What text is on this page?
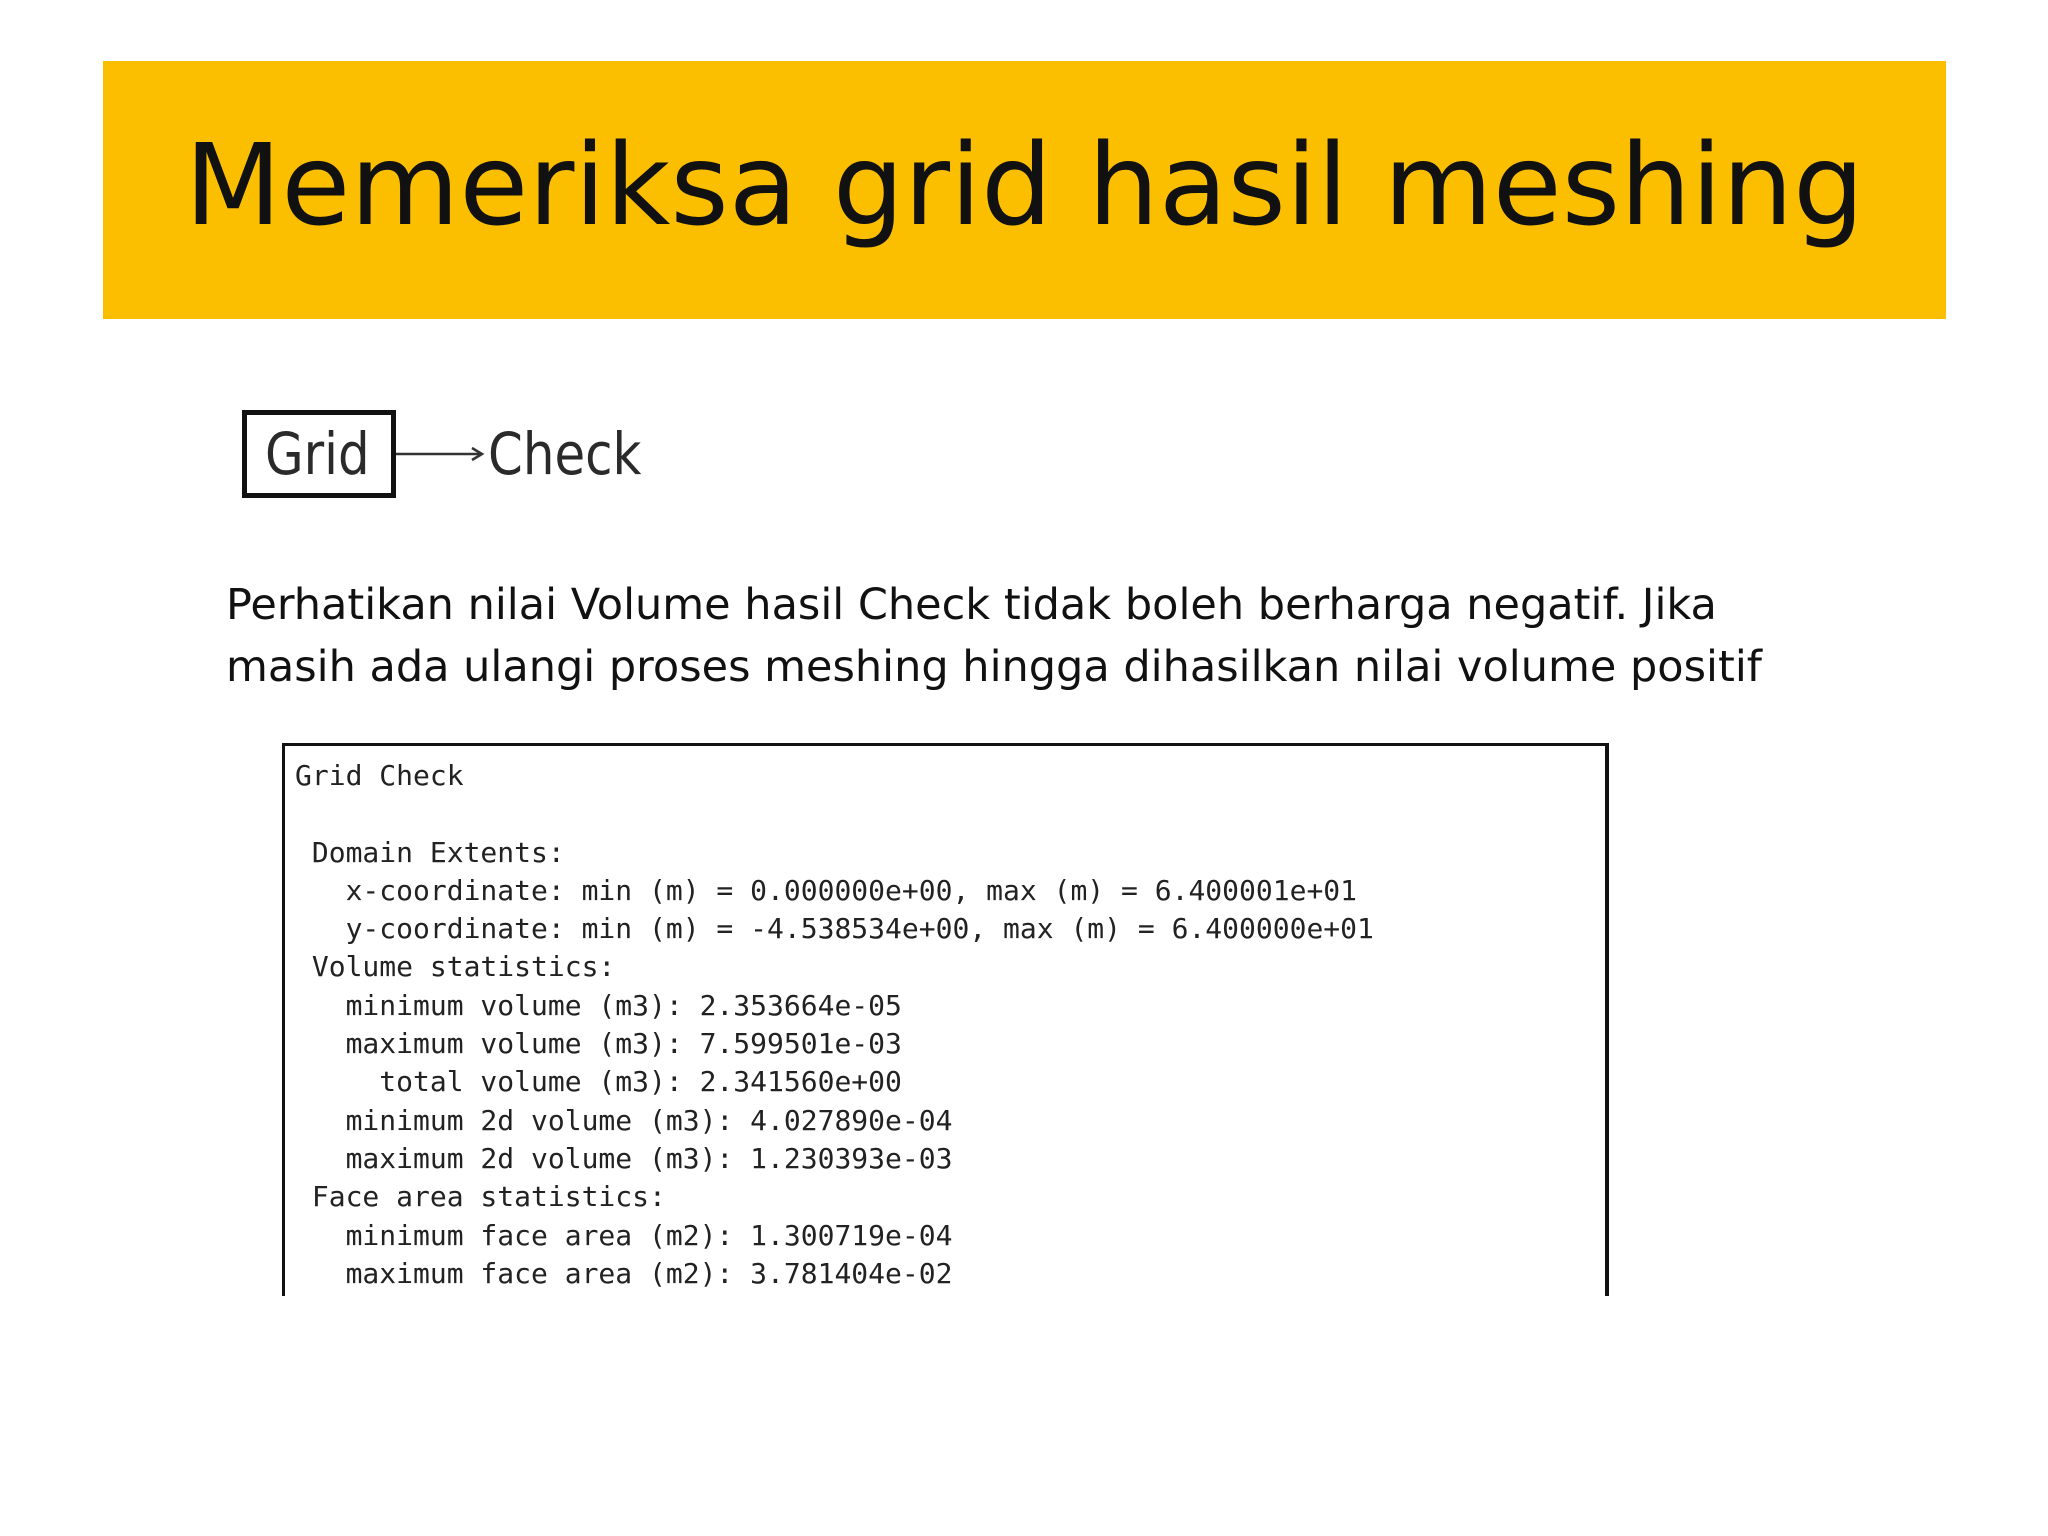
Memeriksa grid hasil meshing
Grid Check

Perhatikan nilai Volume hasil Check tidak boleh berharga negatif. Jika

masih ada ulangi proses meshing hingga dihasilkan nilai volume positif

Grid Check
Domain Extents:
x-coordinate: min (m) = 0.000000e+00, max (m) = 6.400001e+01
y-coordinate: min (m) = -4.538534e+00, max (m) = 6.400000e+01
Volume statistics:
minimum volume (m3): 2.353664e-05
maximum volume (m3): 7.599501e-03
total volume (m3): 2.341560e+00
minimum 2d volume (m3): 4.027890e-04
maximum 2d volume (m3): 1.230393e-03
Face area statistics:
minimum face area (m2): 1.300719e-04
maximum face area (m2): 3.781404e-02
